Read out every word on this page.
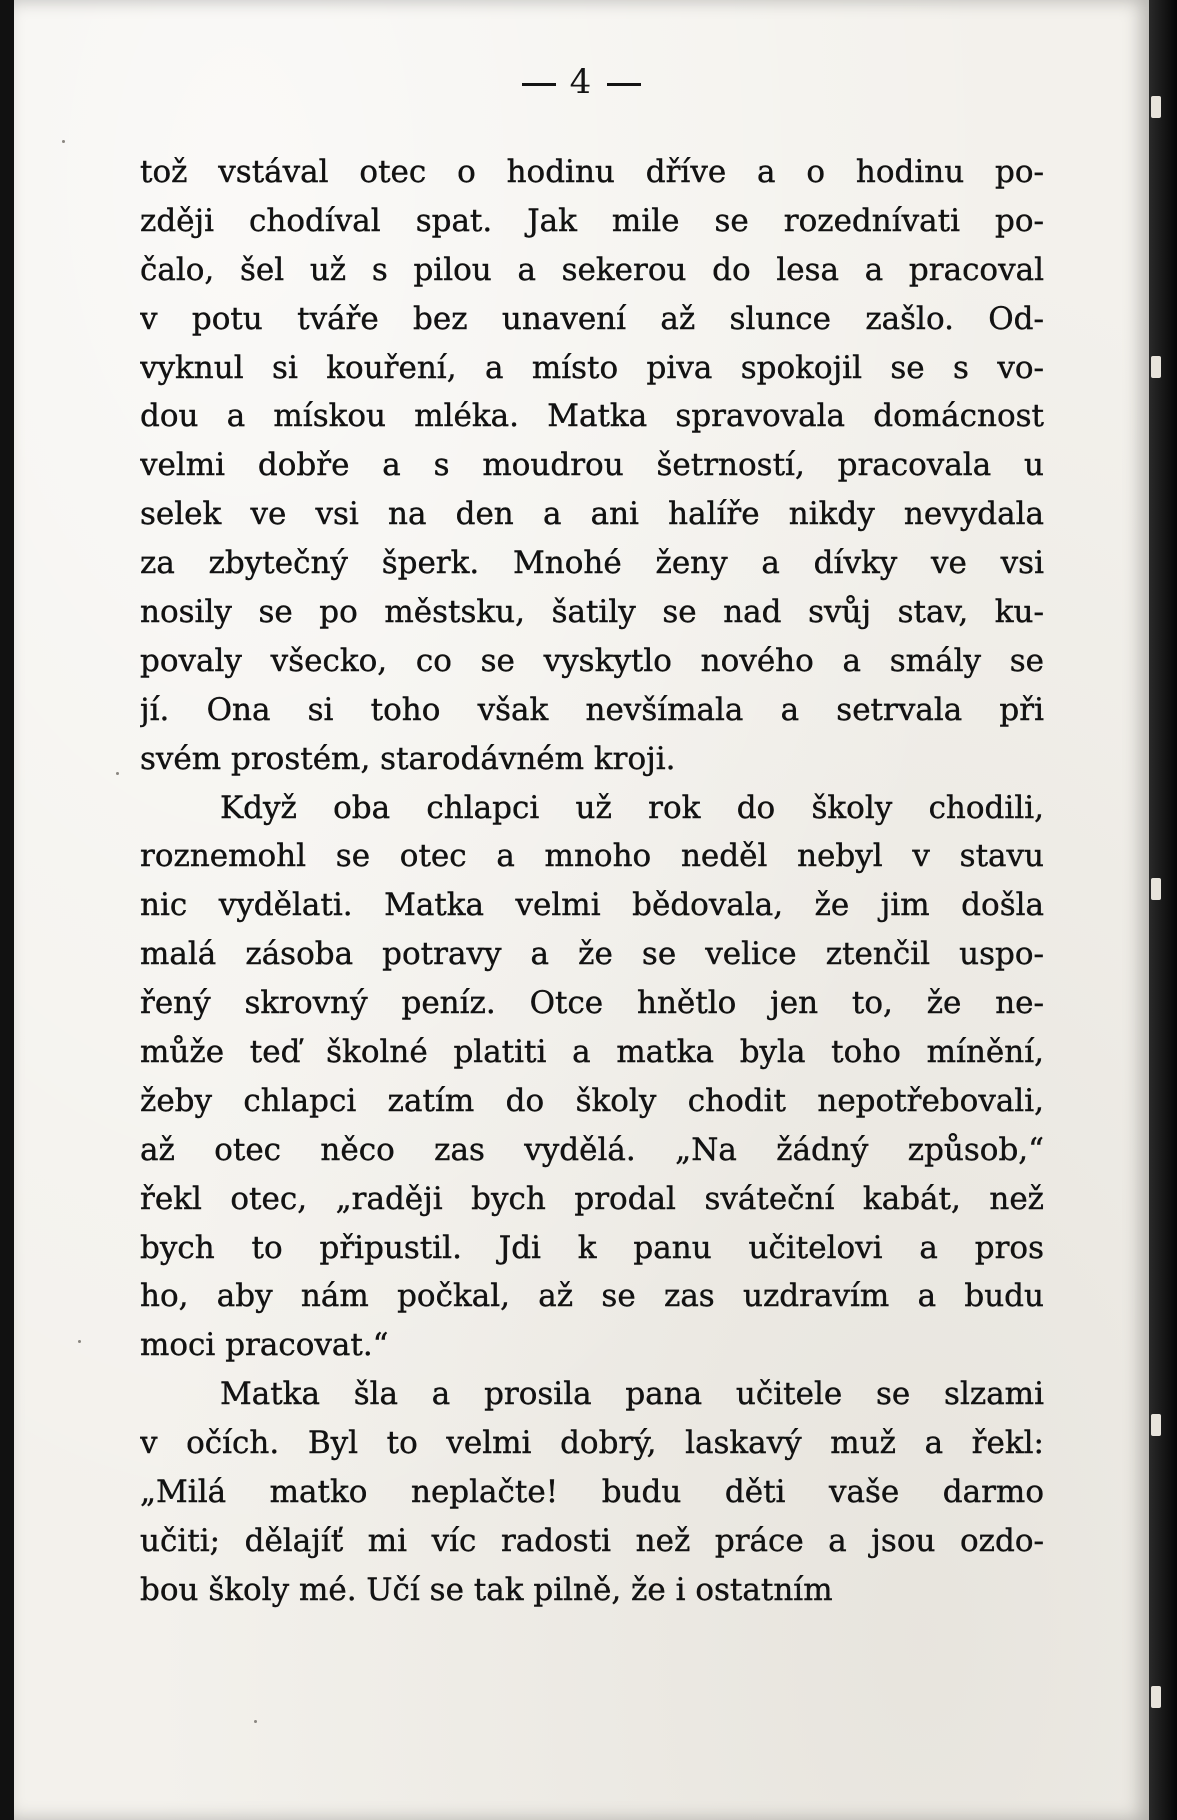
4
tož vstával otec o hodinu dříve a o hodinu po-
zději chodíval spat. Jak mile se rozednívati po-
čalo, šel už s pilou a sekerou do lesa a pracoval
v potu tváře bez unavení až slunce zašlo. Od-
vyknul si kouření, a místo piva spokojil se s vo-
dou a mískou mléka. Matka spravovala domácnost
velmi dobře a s moudrou šetrností, pracovala u
selek ve vsi na den a ani halíře nikdy nevydala
za zbytečný šperk. Mnohé ženy a dívky ve vsi
nosily se po městsku, šatily se nad svůj stav, ku-
povaly všecko, co se vyskytlo nového a smály se
jí. Ona si toho však nevšímala a setrvala při
svém prostém, starodávném kroji.
Když oba chlapci už rok do školy chodili,
roznemohl se otec a mnoho neděl nebyl v stavu
nic vydělati. Matka velmi bědovala, že jim došla
malá zásoba potravy a že se velice ztenčil uspo-
řený skrovný peníz. Otce hnětlo jen to, že ne-
může teď školné platiti a matka byla toho mínění,
žeby chlapci zatím do školy chodit nepotřebovali,
až otec něco zas vydělá. „Na žádný způsob,“
řekl otec, „raději bych prodal sváteční kabát, než
bych to připustil. Jdi k panu učitelovi a pros
ho, aby nám počkal, až se zas uzdravím a budu
moci pracovat.“
Matka šla a prosila pana učitele se slzami
v očích. Byl to velmi dobrý, laskavý muž a řekl:
„Milá matko neplačte! budu děti vaše darmo
učiti; dělajíť mi víc radosti než práce a jsou ozdo-
bou školy mé. Učí se tak pilně, že i ostatním
